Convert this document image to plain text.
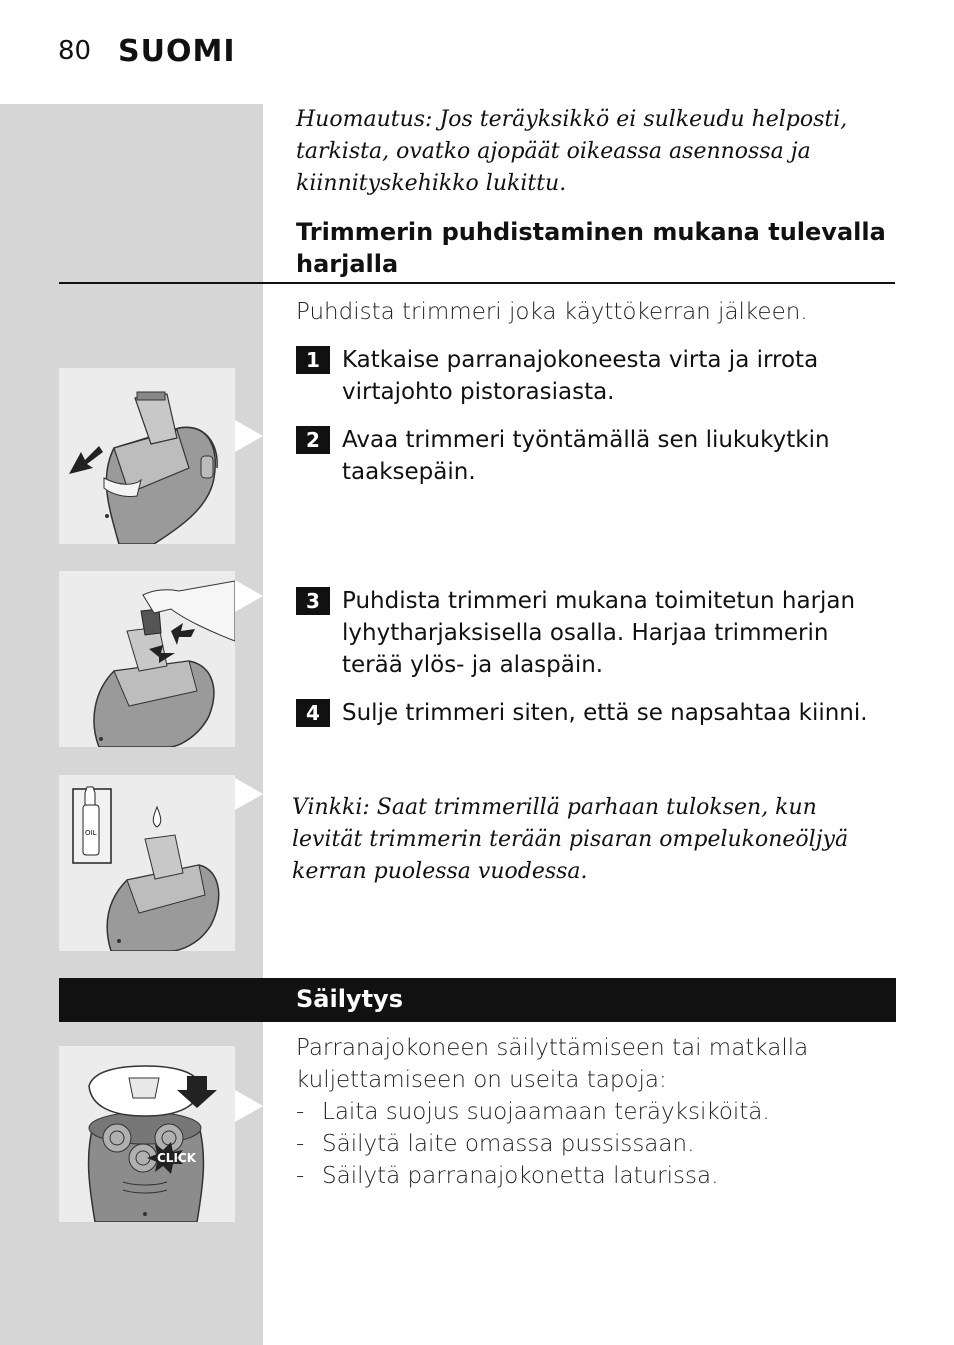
80 SUOMI
Huomautus: Jos teräyksikkö ei sulkeudu helposti, tarkista, ovatko ajopäät oikeassa asennossa ja kiinnityskehikko lukittu.
Trimmerin puhdistaminen mukana tulevalla harjalla
Puhdista trimmeri joka käyttökerran jälkeen.
1 Katkaise parranajokoneesta virta ja irrota virtajohto pistorasiasta.
2 Avaa trimmeri työntämällä sen liukukytkin taaksepäin.
3 Puhdista trimmeri mukana toimitetun harjan lyhytharjaksisella osalla. Harjaa trimmerin terää ylös- ja alaspäin.
4 Sulje trimmeri siten, että se napsahtaa kiinni.
Vinkki: Saat trimmerillä parhaan tuloksen, kun levität trimmerin terään pisaran ompelukoneöljyä kerran puolessa vuodessa.
OIL
Säilytys
Parranajokoneen säilyttämiseen tai matkalla kuljettamiseen on useita tapoja:
- Laita suojus suojaamaan teräyksiköitä.
- Säilytä laite omassa pussissaan.
- Säilytä parranajokonetta laturissa.
CLICK
